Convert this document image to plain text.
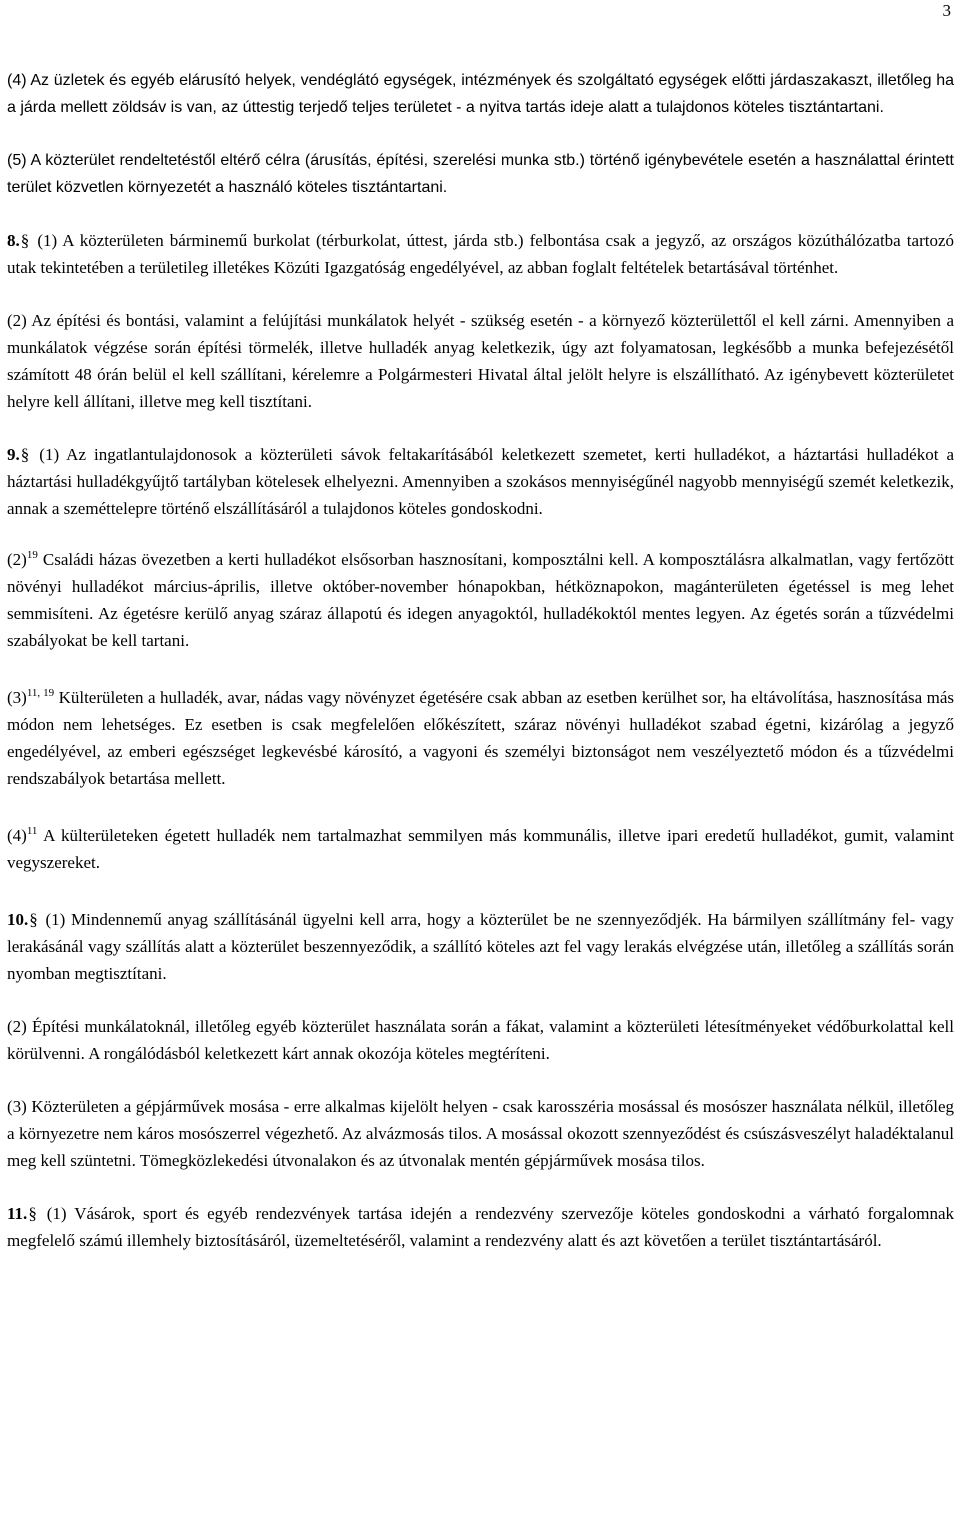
3

(4) Az üzletek és egyéb elárusító helyek, vendéglátó egységek, intézmények és szolgáltató egységek előtti járdaszakaszt, illetőleg ha a járda mellett zöldsáv is van, az úttestig terjedő teljes területet - a nyitva tartás ideje alatt a tulajdonos köteles tisztántartani.

(5) A közterület rendeltetéstől eltérő célra (árusítás, építési, szerelési munka stb.) történő igénybevétele esetén a használattal érintett terület közvetlen környezetét a használó köteles tisztántartani.

8.§ (1) A közterületen bárminemű burkolat (térburkolat, úttest, járda stb.) felbontása csak a jegyző, az országos közúthálózatba tartozó utak tekintetében a területileg illetékes Közúti Igazgatóság engedélyével, az abban foglalt feltételek betartásával történhet.

(2) Az építési és bontási, valamint a felújítási munkálatok helyét - szükség esetén - a környező közterülettől el kell zárni. Amennyiben a munkálatok végzése során építési törmelék, illetve hulladék anyag keletkezik, úgy azt folyamatosan, legkésőbb a munka befejezésétől számított 48 órán belül el kell szállítani, kérelemre a Polgármesteri Hivatal által jelölt helyre is elszállítható. Az igénybevett közterületet helyre kell állítani, illetve meg kell tisztítani.

9.§ (1) Az ingatlantulajdonosok a közterületi sávok feltakarításából keletkezett szemetet, kerti hulladékot, a háztartási hulladékot a háztartási hulladékgyűjtő tartályban kötelesek elhelyezni. Amennyiben a szokásos mennyiségűnél nagyobb mennyiségű szemét keletkezik, annak a szeméttelepre történő elszállításáról a tulajdonos köteles gondoskodni.

$(2)^{19}$ Családi házas övezetben a kerti hulladékot elsősorban hasznosítani, komposztálni kell. A komposztálásra alkalmatlan, vagy fertőzött növényi hulladékot március-április, illetve október-november hónapokban, hétköznapokon, magánterületen égetéssel is meg lehet semmisíteni. Az égetésre kerülő anyag száraz állapotú és idegen anyagoktól, hulladékoktól mentes legyen. Az égetés során a tűzvédelmi szabályokat be kell tartani.

$(3)^{11, 19}$ Külterületen a hulladék, avar, nádas vagy növényzet égetésére csak abban az esetben kerülhet sor, ha eltávolítása, hasznosítása más módon nem lehetséges. Ez esetben is csak megfelelően előkészített, száraz növényi hulladékot szabad égetni, kizárólag a jegyző engedélyével, az emberi egészséget legkevésbé károsító, a vagyoni és személyi biztonságot nem veszélyeztető módon és a tűzvédelmi rendszabályok betartása mellett.

$(4)^{11}$ A külterületeken égetett hulladék nem tartalmazhat semmilyen más kommunális, illetve ipari eredetű hulladékot, gumit, valamint vegyszereket.

10.§ (1) Mindennemű anyag szállításánál ügyelni kell arra, hogy a közterület be ne szennyeződjék. Ha bármilyen szállítmány fel- vagy lerakásánál vagy szállítás alatt a közterület beszennyeződik, a szállító köteles azt fel vagy lerakás elvégzése után, illetőleg a szállítás során nyomban megtisztítani.

(2) Építési munkálatoknál, illetőleg egyéb közterület használata során a fákat, valamint a közterületi létesítményeket védőburkolattal kell körülvenni. A rongálódásból keletkezett kárt annak okozója köteles megtéríteni.

(3) Közterületen a gépjárművek mosása - erre alkalmas kijelölt helyen - csak karosszéria mosással és mosószer használata nélkül, illetőleg a környezetre nem káros mosószerrel végezhető. Az alvázmosás tilos. A mosással okozott szennyeződést és csúszásveszélyt haladéktalanul meg kell szüntetni. Tömegközlekedési útvonalakon és az útvonalak mentén gépjárművek mosása tilos.

11.§ (1) Vásárok, sport és egyéb rendezvények tartása idején a rendezvény szervezője köteles gondoskodni a várható forgalomnak megfelelő számú illemhely biztosításáról, üzemeltetéséről, valamint a rendezvény alatt és azt követően a terület tisztántartásáról.
